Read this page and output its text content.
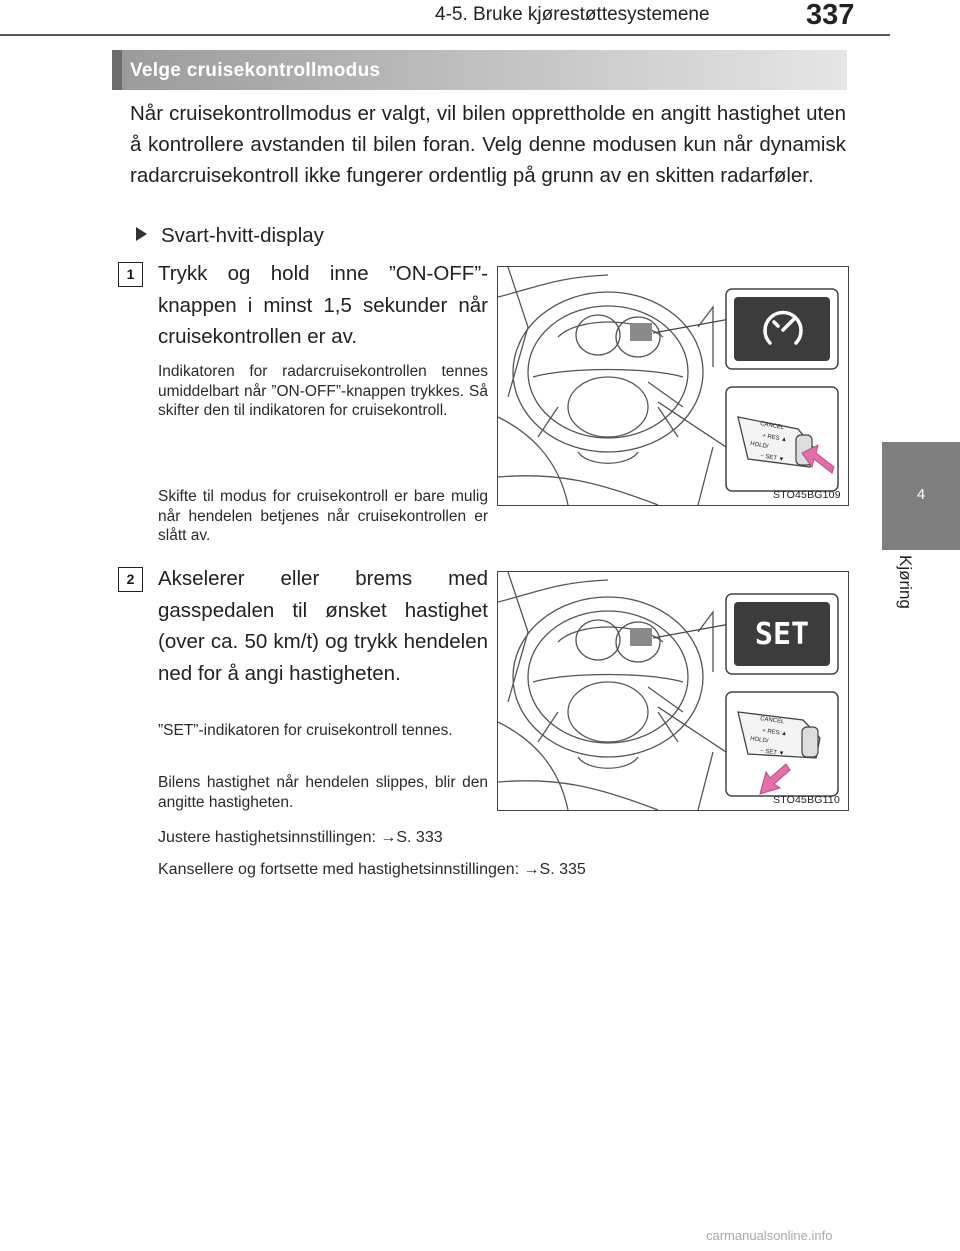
4-5. Bruke kjørestøttesystemene	337
4
Kjøring
Velge cruisekontrollmodus
Når cruisekontrollmodus er valgt, vil bilen opprettholde en angitt hastighet uten å kontrollere avstanden til bilen foran. Velg denne modusen kun når dynamisk radarcruisekontroll ikke fungerer ordentlig på grunn av en skitten radarføler.
Svart-hvitt-display
1	Trykk og hold inne ”ON-OFF”-knappen i minst 1,5 sekunder når cruisekontrollen er av.
Indikatoren for radarcruisekontrollen tennes umiddelbart når ”ON-OFF”-knappen trykkes. Så skifter den til indikatoren for cruisekontroll.
Skifte til modus for cruisekontroll er bare mulig når hendelen betjenes når cruisekontrollen er slått av.
CANCEL
+ RES ▲
HOLD/
− SET ▼
STO45BG109
2	Akselerer eller brems med gasspedalen til ønsket hastighet (over ca. 50 km/t) og trykk hendelen ned for å angi hastigheten.
”SET”-indikatoren for cruisekontroll tennes.
Bilens hastighet når hendelen slippes, blir den angitte hastigheten.
SET
CANCEL
+ RES ▲
HOLD/
− SET ▼
STO45BG110
Justere hastighetsinnstillingen: →S. 333
Kansellere og fortsette med hastighetsinnstillingen: →S. 335
carmanualsonline.info
